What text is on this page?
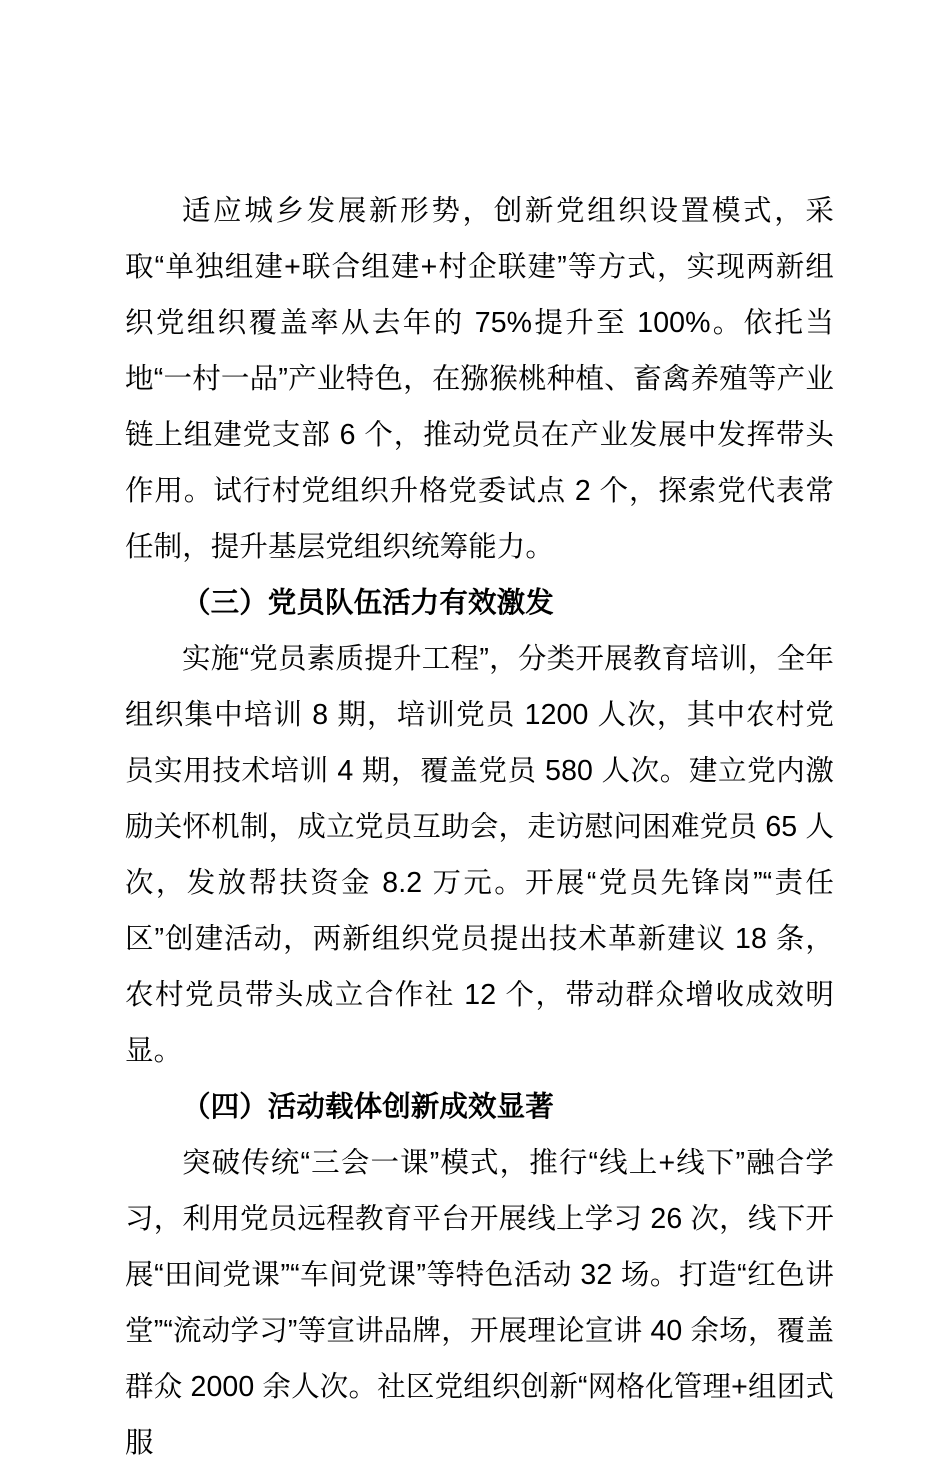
适应城乡发展新形势，创新党组织设置模式，采取“单独组建+联合组建+村企联建”等方式，实现两新组织党组织覆盖率从去年的 75%提升至 100%。依托当地“一村一品”产业特色，在猕猴桃种植、畜禽养殖等产业链上组建党支部 6 个，推动党员在产业发展中发挥带头作用。试行村党组织升格党委试点 2 个，探索党代表常任制，提升基层党组织统筹能力。

（三）党员队伍活力有效激发

实施“党员素质提升工程”，分类开展教育培训，全年组织集中培训 8 期，培训党员 1200 人次，其中农村党员实用技术培训 4 期，覆盖党员 580 人次。建立党内激励关怀机制，成立党员互助会，走访慰问困难党员 65 人次，发放帮扶资金 8.2 万元。开展“党员先锋岗”“责任区”创建活动，两新组织党员提出技术革新建议 18 条，农村党员带头成立合作社 12 个，带动群众增收成效明显。

（四）活动载体创新成效显著

突破传统“三会一课”模式，推行“线上+线下”融合学习，利用党员远程教育平台开展线上学习 26 次，线下开展“田间党课”“车间党课”等特色活动 32 场。打造“红色讲堂”“流动学习”等宣讲品牌，开展理论宣讲 40 余场，覆盖群众 2000 余人次。社区党组织创新“网格化管理+组团式服
